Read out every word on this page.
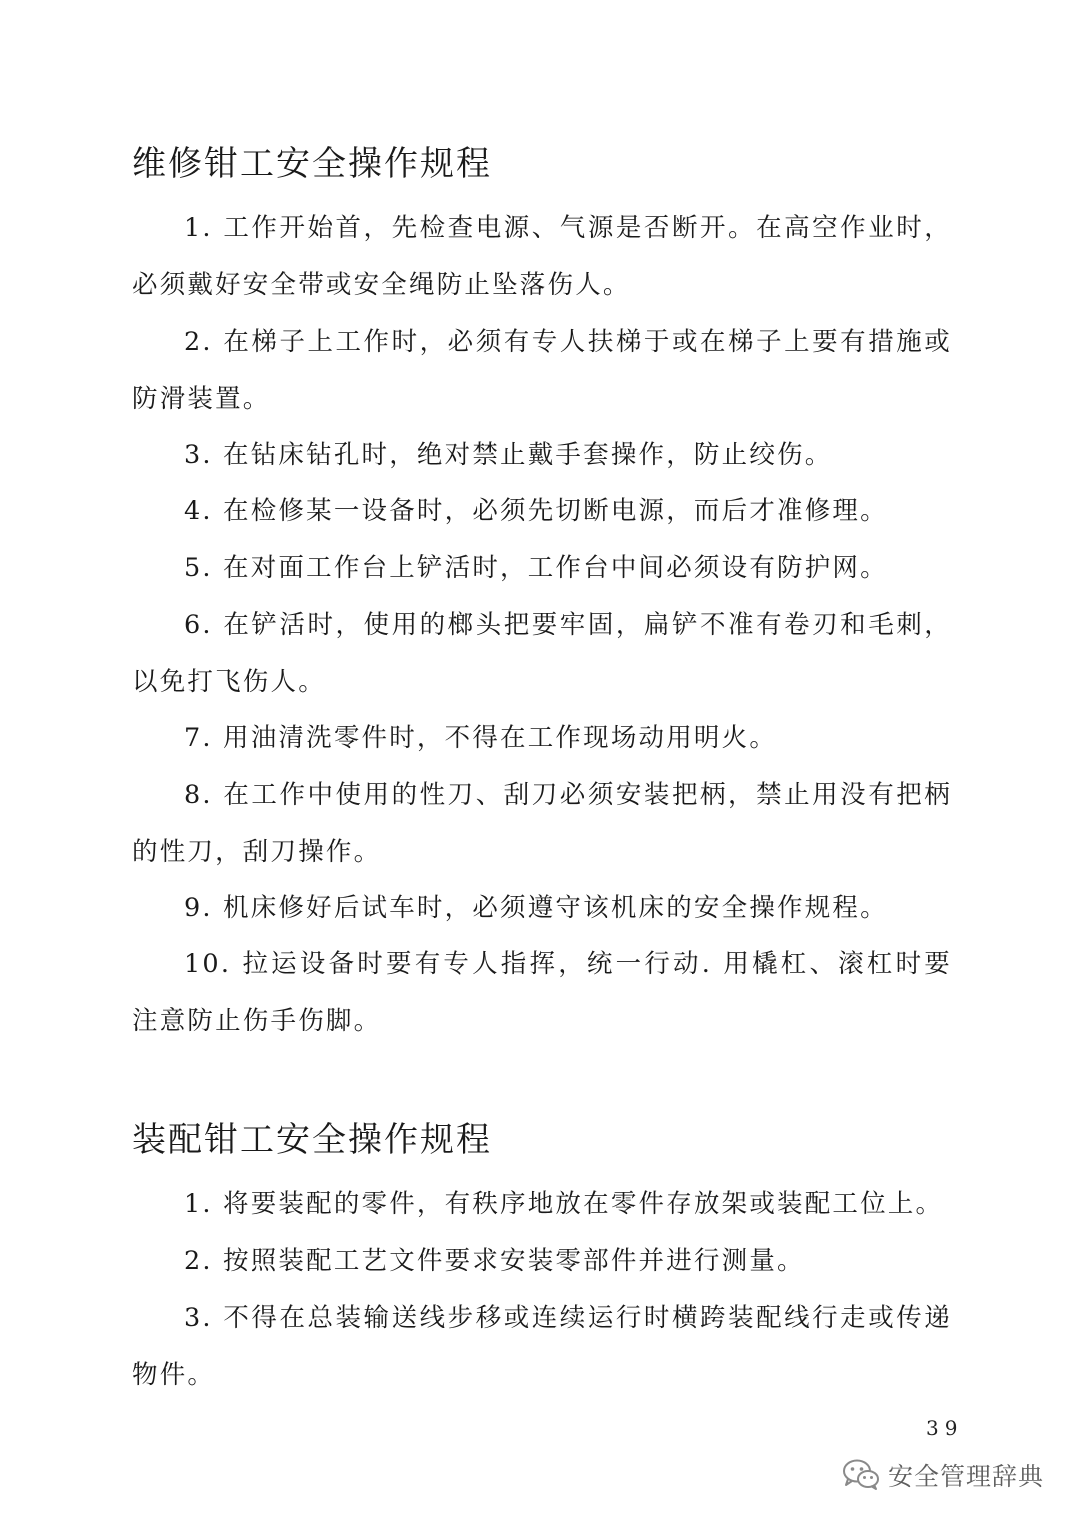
维修钳工安全操作规程

1. 工作开始首，先检查电源、气源是否断开。在高空作业时，必须戴好安全带或安全绳防止坠落伤人。

2. 在梯子上工作时，必须有专人扶梯于或在梯子上要有措施或防滑装置。

3. 在钻床钻孔时，绝对禁止戴手套操作，防止绞伤。

4. 在检修某一设备时，必须先切断电源，而后才准修理。

5. 在对面工作台上铲活时，工作台中间必须设有防护网。

6. 在铲活时，使用的榔头把要牢固，扁铲不准有卷刃和毛刺，以免打飞伤人。

7. 用油清洗零件时，不得在工作现场动用明火。

8. 在工作中使用的性刀、刮刀必须安装把柄，禁止用没有把柄的性刀，刮刀操作。

9. 机床修好后试车时，必须遵守该机床的安全操作规程。

10. 拉运设备时要有专人指挥，统一行动. 用橇杠、滚杠时要注意防止伤手伤脚。

装配钳工安全操作规程

1. 将要装配的零件，有秩序地放在零件存放架或装配工位上。

2. 按照装配工艺文件要求安装零部件并进行测量。

3. 不得在总装输送线步移或连续运行时横跨装配线行走或传递物件。

39
安全管理辞典
